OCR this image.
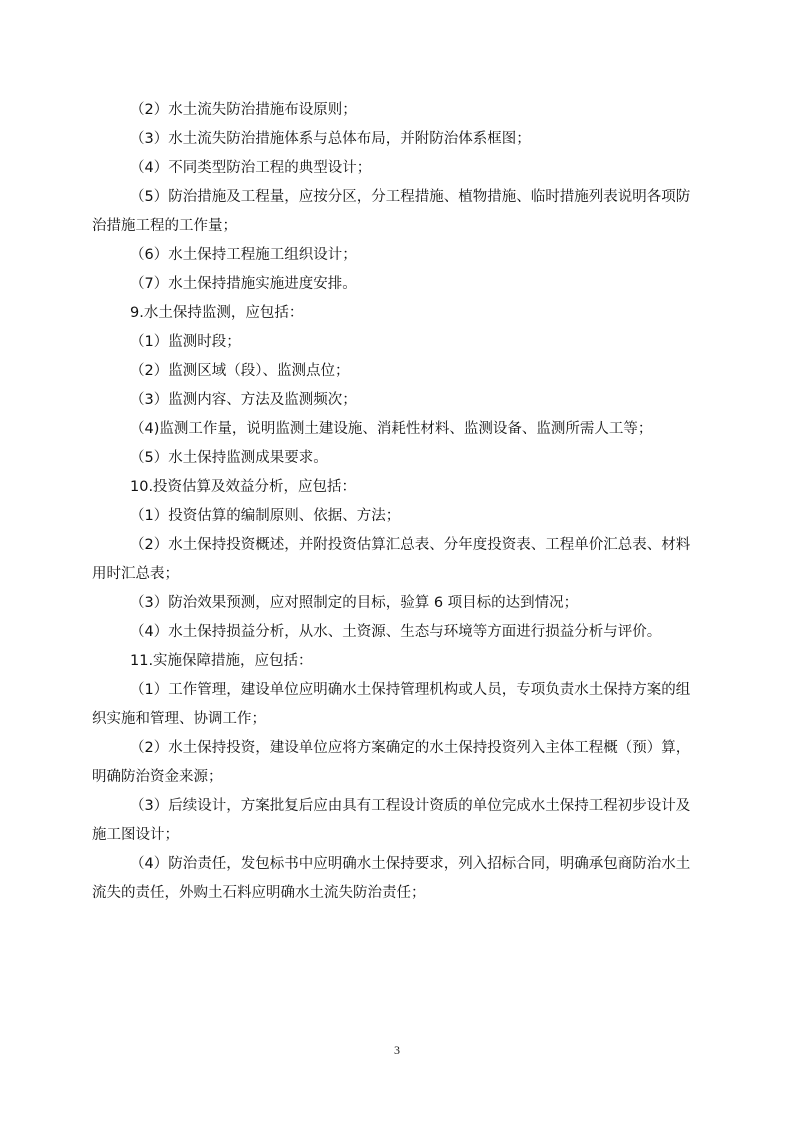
（2）水土流失防治措施布设原则；

（3）水土流失防治措施体系与总体布局，并附防治体系框图；

（4）不同类型防治工程的典型设计；

（5）防治措施及工程量，应按分区，分工程措施、植物措施、临时措施列表说明各项防治措施工程的工作量；

（6）水土保持工程施工组织设计；

（7）水土保持措施实施进度安排。

9.水土保持监测，应包括：

（1）监测时段；

（2）监测区域（段）、监测点位；

（3）监测内容、方法及监测频次；

（4)监测工作量，说明监测土建设施、消耗性材料、监测设备、监测所需人工等；

（5）水土保持监测成果要求。

10.投资估算及效益分析，应包括：

（1）投资估算的编制原则、依据、方法；

（2）水土保持投资概述，并附投资估算汇总表、分年度投资表、工程单价汇总表、材料用时汇总表；

（3）防治效果预测，应对照制定的目标，验算 6 项目标的达到情况；

（4）水土保持损益分析，从水、土资源、生态与环境等方面进行损益分析与评价。

11.实施保障措施，应包括：

（1）工作管理，建设单位应明确水土保持管理机构或人员，专项负责水土保持方案的组织实施和管理、协调工作；

（2）水土保持投资，建设单位应将方案确定的水土保持投资列入主体工程概（预）算，明确防治资金来源；

（3）后续设计，方案批复后应由具有工程设计资质的单位完成水土保持工程初步设计及施工图设计；

（4）防治责任，发包标书中应明确水土保持要求，列入招标合同，明确承包商防治水土流失的责任，外购土石料应明确水土流失防治责任；

3
